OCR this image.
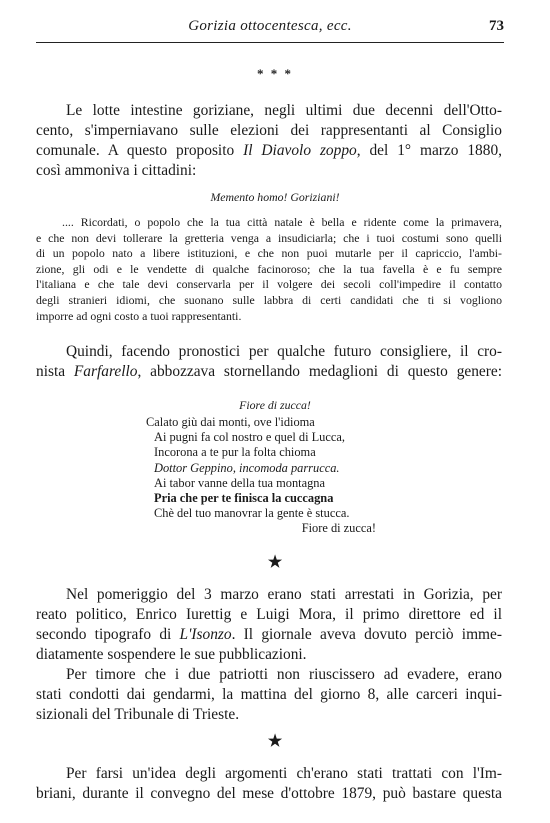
Gorizia ottocentesca, ecc.	73
* * *
Le lotte intestine goriziane, negli ultimi due decenni dell'Otto-
cento, s'imperniavano sulle elezioni dei rappresentanti al Consiglio
comunale. A questo proposito Il Diavolo zoppo, del 1° marzo 1880,
così ammoniva i cittadini:
Memento homo! Goriziani!
.... Ricordati, o popolo che la tua città natale è bella e ridente come la primavera,
e che non devi tollerare la gretteria venga a insudiciarla; che i tuoi costumi sono quelli
di un popolo nato a libere istituzioni, e che non puoi mutarle per il capriccio, l'ambi-
zione, gli odi e le vendette di qualche facinoroso; che la tua favella è e fu sempre
l'italiana e che tale devi conservarla per il volgere dei secoli coll'impedire il contatto
degli stranieri idiomi, che suonano sulle labbra di certi candidati che ti si vogliono
imporre ad ogni costo a tuoi rappresentanti.
Quindi, facendo pronostici per qualche futuro consigliere, il cro-
nista Farfarello, abbozzava stornellando medaglioni di questo genere:
Fiore di zucca!
Calato giù dai monti, ove l'idioma
Ai pugni fa col nostro e quel di Lucca,
Incorona a te pur la folta chioma
Dottor Geppino, incomoda parrucca.
Ai tabor vanne della tua montagna
Pria che per te finisca la cuccagna
Chè del tuo manovrar la gente è stucca.
Fiore di zucca!
★
Nel pomeriggio del 3 marzo erano stati arrestati in Gorizia, per
reato politico, Enrico Iurettig e Luigi Mora, il primo direttore ed il
secondo tipografo di L'Isonzo. Il giornale aveva dovuto perciò imme-
diatamente sospendere le sue pubblicazioni.
Per timore che i due patriotti non riuscissero ad evadere, erano
stati condotti dai gendarmi, la mattina del giorno 8, alle carceri inqui-
sizionali del Tribunale di Trieste.
★
Per farsi un'idea degli argomenti ch'erano stati trattati con l'Im-
briani, durante il convegno del mese d'ottobre 1879, può bastare questa
